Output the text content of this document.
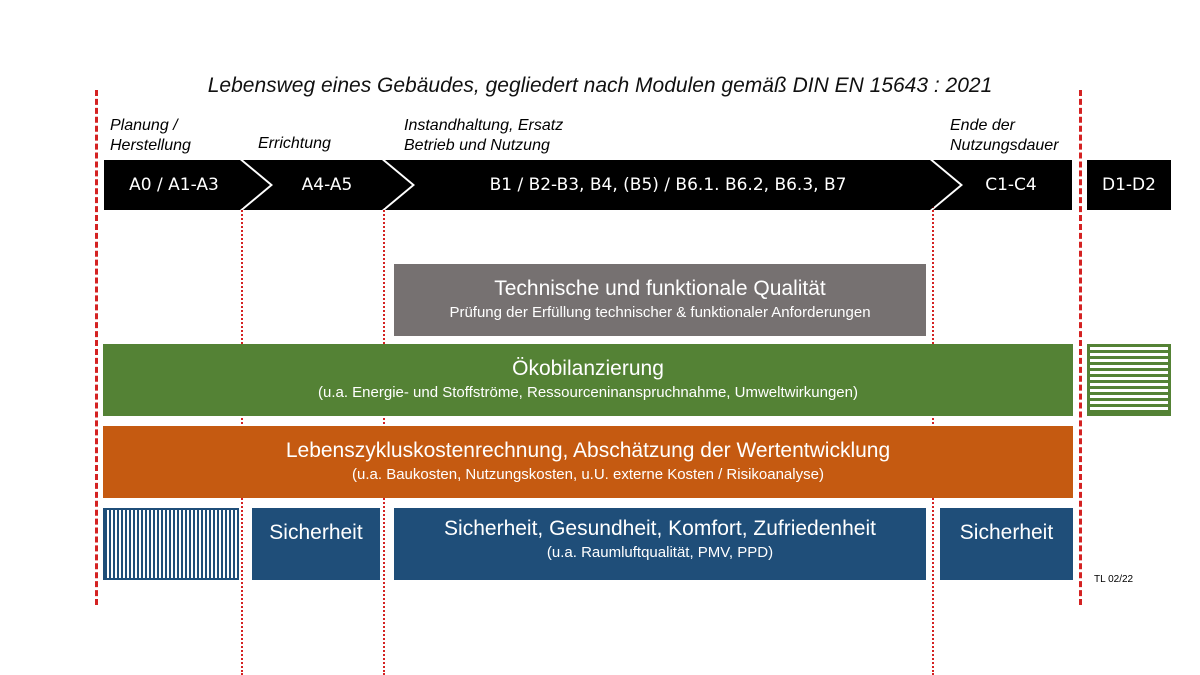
Lebensweg eines Gebäudes, gegliedert nach Modulen gemäß DIN EN 15643 : 2021
Planung /
Herstellung	Errichtung
Instandhaltung, Ersatz
Betrieb und Nutzung
Ende der
Nutzungsdauer
A0 / A1-A3	A4-A5	B1 / B2-B3, B4, (B5) / B6.1. B6.2, B6.3, B7	C1-C4	D1-D2
Technische und funktionale Qualität
Prüfung der Erfüllung technischer & funktionaler Anforderungen
Ökobilanzierung
(u.a. Energie- und Stoffströme, Ressourceninanspruchnahme, Umweltwirkungen)
Lebenszykluskostenrechnung, Abschätzung der Wertentwicklung
(u.a. Baukosten, Nutzungskosten, u.U. externe Kosten / Risikoanalyse)
Sicherheit	Sicherheit, Gesundheit, Komfort, Zufriedenheit
(u.a. Raumluftqualität, PMV, PPD)
Sicherheit
TL 02/22
